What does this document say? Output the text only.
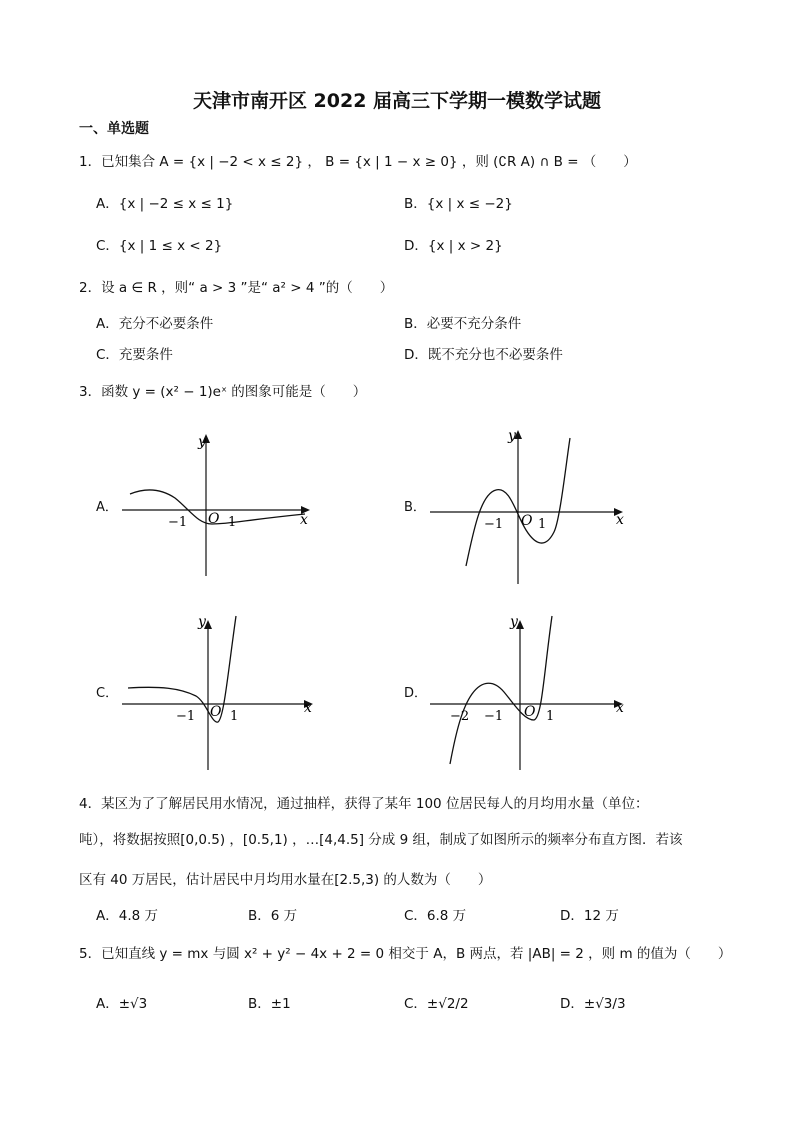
天津市南开区 2022 届高三下学期一模数学试题
一、单选题
1．已知集合 A = {x | −2 < x ≤ 2} ， B = {x | 1 − x ≥ 0} ，则 (∁R A) ∩ B = （　　）
A．{x | −2 ≤ x ≤ 1}	B．{x | x ≤ −2}
C．{x | 1 ≤ x < 2}	D．{x | x > 2}
2．设 a ∈ R ，则“ a > 3 ”是“ a² > 4 ”的（　　）
A．充分不必要条件	B．必要不充分条件
C．充要条件	D．既不充分也不必要条件
3．函数 y = (x² − 1)eˣ 的图象可能是（　　）
A．
y
x
O
−1	1
B．
y
x
O
−1	1
C．
y
x
O
−1	1
D．
y
x
O
−2 −1	1
4．某区为了了解居民用水情况，通过抽样，获得了某年 100 位居民每人的月均用水量（单位：
吨），将数据按照[0,0.5) ，[0.5,1) ，…[4,4.5] 分成 9 组，制成了如图所示的频率分布直方图．若该
区有 40 万居民，估计居民中月均用水量在[2.5,3) 的人数为（　　）
A．4.8 万	B．6 万	C．6.8 万	D．12 万
5．已知直线 y = mx 与圆 x² + y² − 4x + 2 = 0 相交于 A，B 两点，若 |AB| = 2 ，则 m 的值为（　　）
A．±√3	B．±1	C．±√2/2	D．±√3/3
